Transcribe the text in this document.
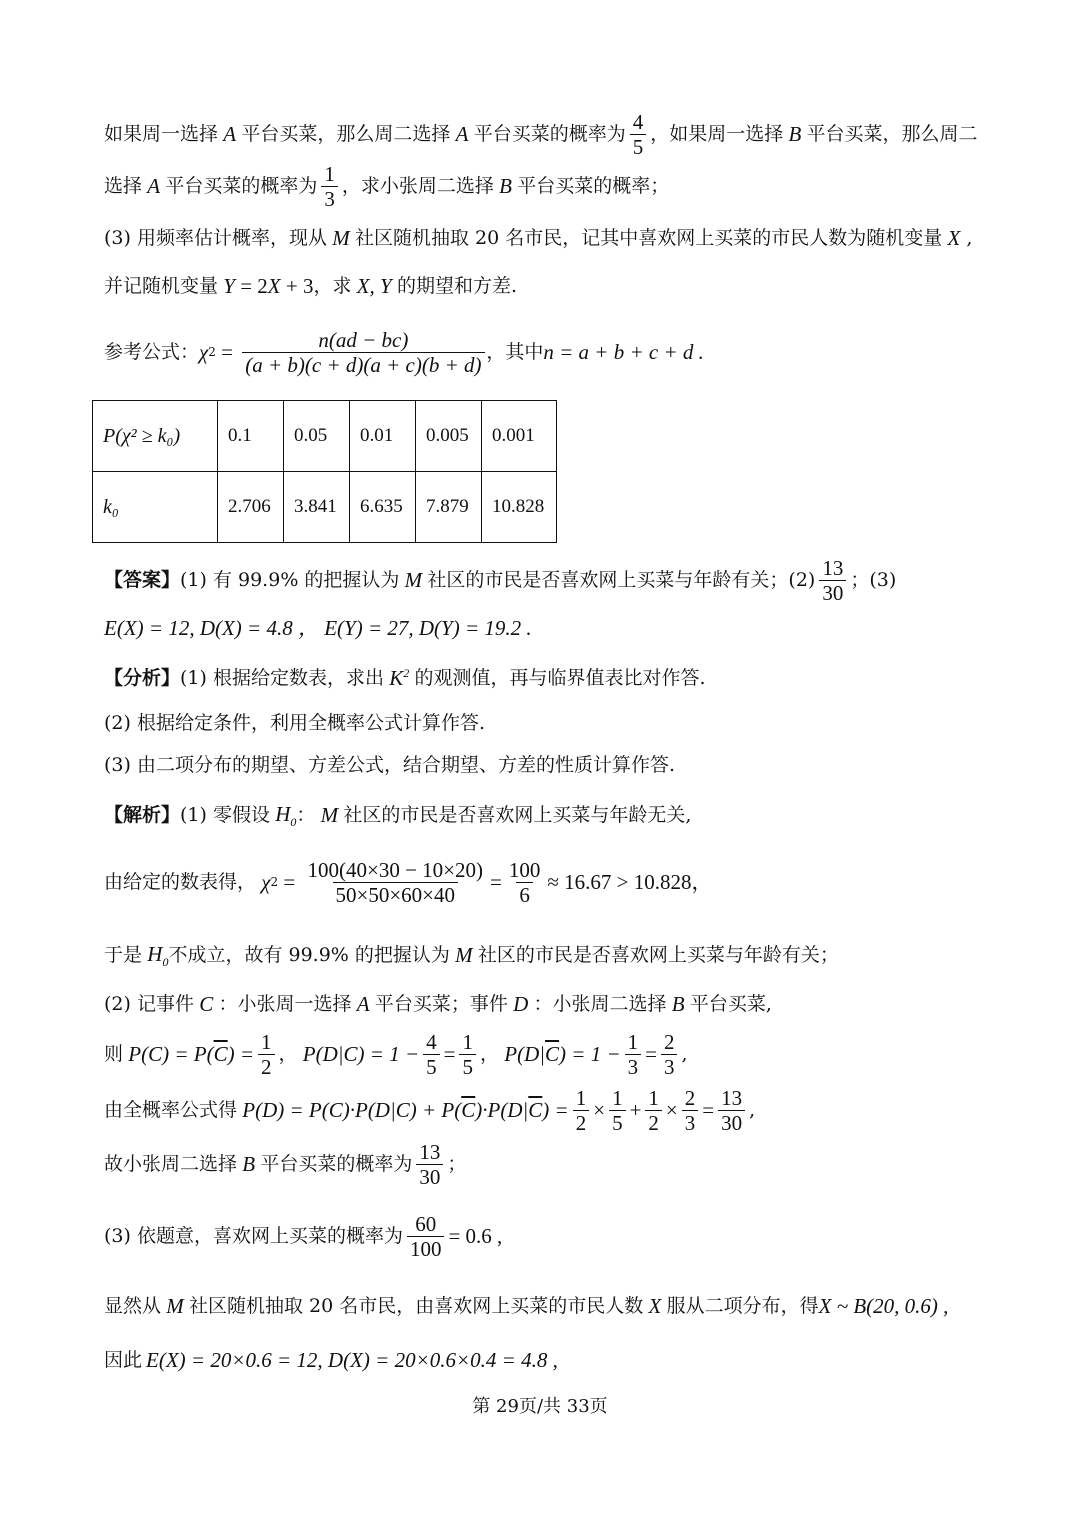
如果周一选择 A 平台买菜，那么周二选择 A 平台买菜的概率为 $\frac{4}{5}$ ，如果周一选择 B 平台买菜，那么周二
选择 A 平台买菜的概率为 $\frac{1}{3}$ ，求小张周二选择 B 平台买菜的概率；
(3) 用频率估计概率，现从 M 社区随机抽取 20 名市民，记其中喜欢网上买菜的市民人数为随机变量 X ,
并记随机变量 Y = 2 X + 3 ，求 X, Y 的期望和方差.
参考公式： χ $2 = \frac{n(ad - bc)}{(a + b)(c + d)(a + c)(b + d)}$
，其中 n = a + b + c + d .
P(χ² ≥ k₀)	0.1	0.05	0.01	0.005	0.001
k₀	2.706	3.841	6.635	7.879	10.828
【答案】 (1) 有 99.9% 的把握认为 M 社区的市民是否喜欢网上买菜与年龄有关；$(2) \frac{13}{30}$ ；(3)
E(X) = 12, D(X) = 4.8 ， E(Y) = 27, D(Y) = 19.2 .
【分析】 (1) 根据给定数表，求出 $K^2$ 的观测值，再与临界值表比对作答.
(2) 根据给定条件，利用全概率公式计算作答.
(3) 由二项分布的期望、方差公式，结合期望、方差的性质计算作答.
【解析】 (1) 零假设 $H_0$ ： M 社区的市民是否喜欢网上买菜与年龄无关,
由给定的数表得， χ $2 = \frac{100(40\times 30 - 10\times 20)}{50\times 50\times 60\times 40} = \frac{100}{6} \approx 16.67 > 10.828$，
于是 $H_0$ 不成立，故有 99.9% 的把握认为 M 社区的市民是否喜欢网上买菜与年龄有关；
(2) 记事件 C ：小张周一选择 A 平台买菜；事件 D ：小张周二选择 B 平台买菜,
则 $P(C) = P(\overline{C}) = \frac{1}{2}$ ， $P(D|C) = 1 - \frac{4}{5} = \frac{1}{5}$ ， $P(D|\overline{C}) = 1 - \frac{1}{3} = \frac{2}{3}$ ,
由全概率公式得 $P(D) = P(C)\cdot P(D|C) + P(\overline{C})\cdot P(D|\overline{C}) = \frac{1}{2} \times \frac{1}{5} + \frac{1}{2} \times \frac{2}{3} = \frac{13}{30}$ ,
故小张周二选择 B 平台买菜的概率为 $\frac{13}{30}$ ；
(3) 依题意，喜欢网上买菜的概率为 $\frac{60}{100} = 0.6$ ,
显然从 M 社区随机抽取 20 名市民，由喜欢网上买菜的市民人数 X 服从二项分布，得 X ~ B(20, 0.6) ,
因此 E(X) = 20×0.6 = 12, D(X) = 20×0.6×0.4 = 4.8 ,
第 29页/共 33页
